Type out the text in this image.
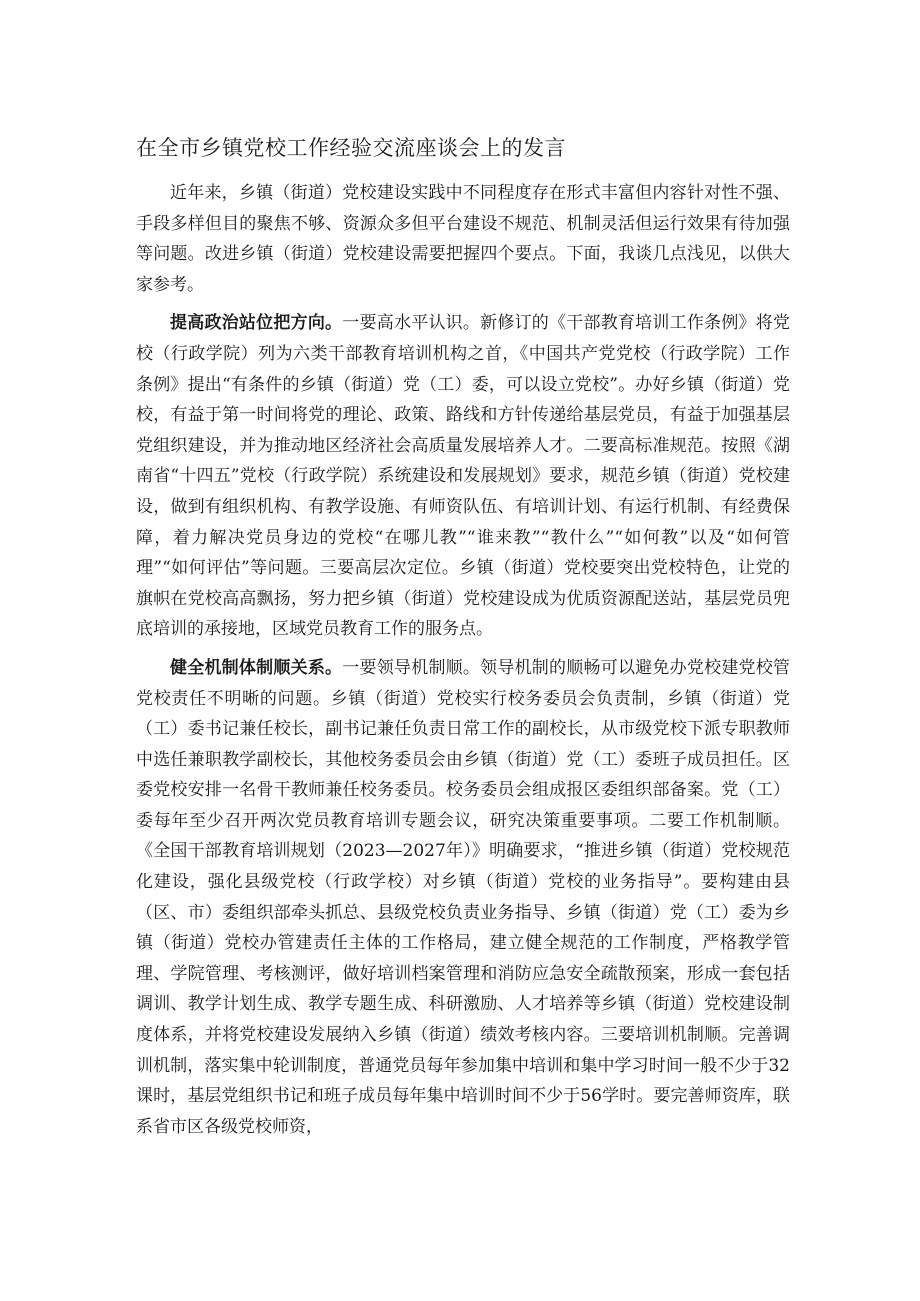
在全市乡镇党校工作经验交流座谈会上的发言

近年来，乡镇（街道）党校建设实践中不同程度存在形式丰富但内容针对性不强、手段多样但目的聚焦不够、资源众多但平台建设不规范、机制灵活但运行效果有待加强等问题。改进乡镇（街道）党校建设需要把握四个要点。下面，我谈几点浅见，以供大家参考。

提高政治站位把方向。一要高水平认识。新修订的《干部教育培训工作条例》将党校（行政学院）列为六类干部教育培训机构之首，《中国共产党党校（行政学院）工作条例》提出“有条件的乡镇（街道）党（工）委，可以设立党校”。办好乡镇（街道）党校，有益于第一时间将党的理论、政策、路线和方针传递给基层党员，有益于加强基层党组织建设，并为推动地区经济社会高质量发展培养人才。二要高标准规范。按照《湖南省“十四五”党校（行政学院）系统建设和发展规划》要求，规范乡镇（街道）党校建设，做到有组织机构、有教学设施、有师资队伍、有培训计划、有运行机制、有经费保障，着力解决党员身边的党校“在哪儿教”“谁来教”“教什么”“如何教”以及“如何管理”“如何评估”等问题。三要高层次定位。乡镇（街道）党校要突出党校特色，让党的旗帜在党校高高飘扬，努力把乡镇（街道）党校建设成为优质资源配送站，基层党员兜底培训的承接地，区域党员教育工作的服务点。

健全机制体制顺关系。一要领导机制顺。领导机制的顺畅可以避免办党校建党校管党校责任不明晰的问题。乡镇（街道）党校实行校务委员会负责制，乡镇（街道）党（工）委书记兼任校长，副书记兼任负责日常工作的副校长，从市级党校下派专职教师中选任兼职教学副校长，其他校务委员会由乡镇（街道）党（工）委班子成员担任。区委党校安排一名骨干教师兼任校务委员。校务委员会组成报区委组织部备案。党（工）委每年至少召开两次党员教育培训专题会议，研究决策重要事项。二要工作机制顺。《全国干部教育培训规划（2023—2027年）》明确要求，“推进乡镇（街道）党校规范化建设，强化县级党校（行政学校）对乡镇（街道）党校的业务指导”。要构建由县（区、市）委组织部牵头抓总、县级党校负责业务指导、乡镇（街道）党（工）委为乡镇（街道）党校办管建责任主体的工作格局，建立健全规范的工作制度，严格教学管理、学院管理、考核测评，做好培训档案管理和消防应急安全疏散预案，形成一套包括调训、教学计划生成、教学专题生成、科研激励、人才培养等乡镇（街道）党校建设制度体系，并将党校建设发展纳入乡镇（街道）绩效考核内容。三要培训机制顺。完善调训机制，落实集中轮训制度，普通党员每年参加集中培训和集中学习时间一般不少于32课时，基层党组织书记和班子成员每年集中培训时间不少于56学时。要完善师资库，联系省市区各级党校师资，
